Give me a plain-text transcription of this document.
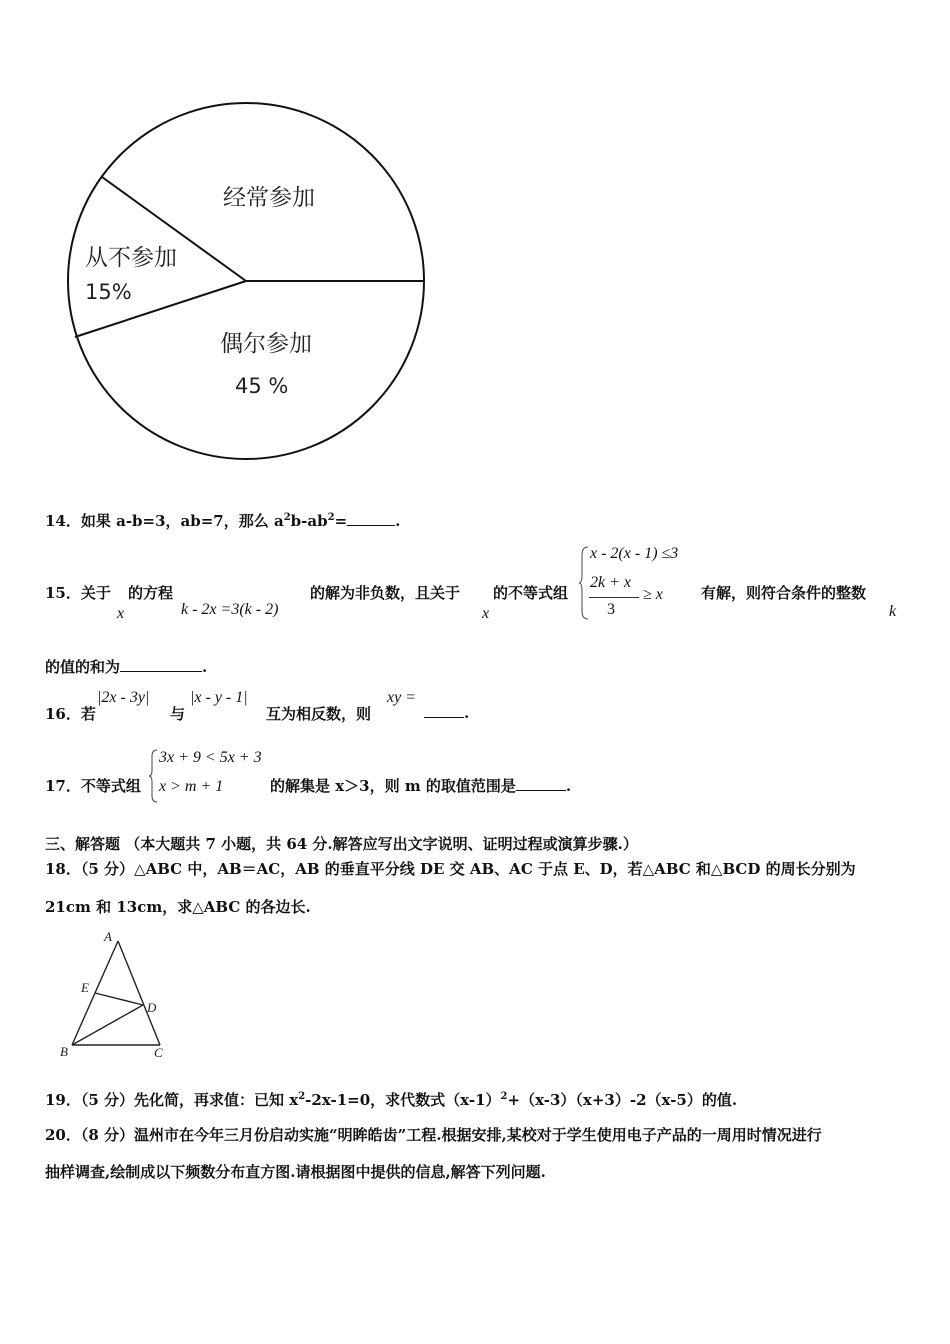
经常参加
从不参加
15%
偶尔参加
45 %
14．如果 a-b=3，ab=7，那么 $a^2b-ab^2=$	.
15．关于
x
的方程
k - 2x =3(k - 2)
的解为非负数，且关于
x
的不等式组
x - 2(x - 1) ≤3
2k + x
3
≥ x	有解，则符合条件的整数
k
的值的和为	.
16．若
|2x - 3y|
与
|x - y - 1|
互为相反数，则
xy =
.
17．不等式组
3x + 9 < 5x + 3
x > m + 1	的解集是 x＞3，则 m 的取值范围是	.
三、解答题 （本大题共 7 小题，共 64 分.解答应写出文字说明、证明过程或演算步骤.）
18．（5 分）△ABC 中，AB＝AC，AB 的垂直平分线 DE 交 AB、AC 于点 E、D，若△ABC 和△BCD 的周长分别为
21cm 和 13cm，求△ABC 的各边长.
A
E
D
B	C
19．（5 分）先化简，再求值：已知 $x^2-2x-1=0$，求代数式$(x-1)^2+(x-3)(x+3)-2(x-5)$的值.
20．（8 分）温州市在今年三月份启动实施“明眸皓齿”工程.根据安排,某校对于学生使用电子产品的一周用时情况进行
抽样调查,绘制成以下频数分布直方图.请根据图中提供的信息,解答下列问题.
